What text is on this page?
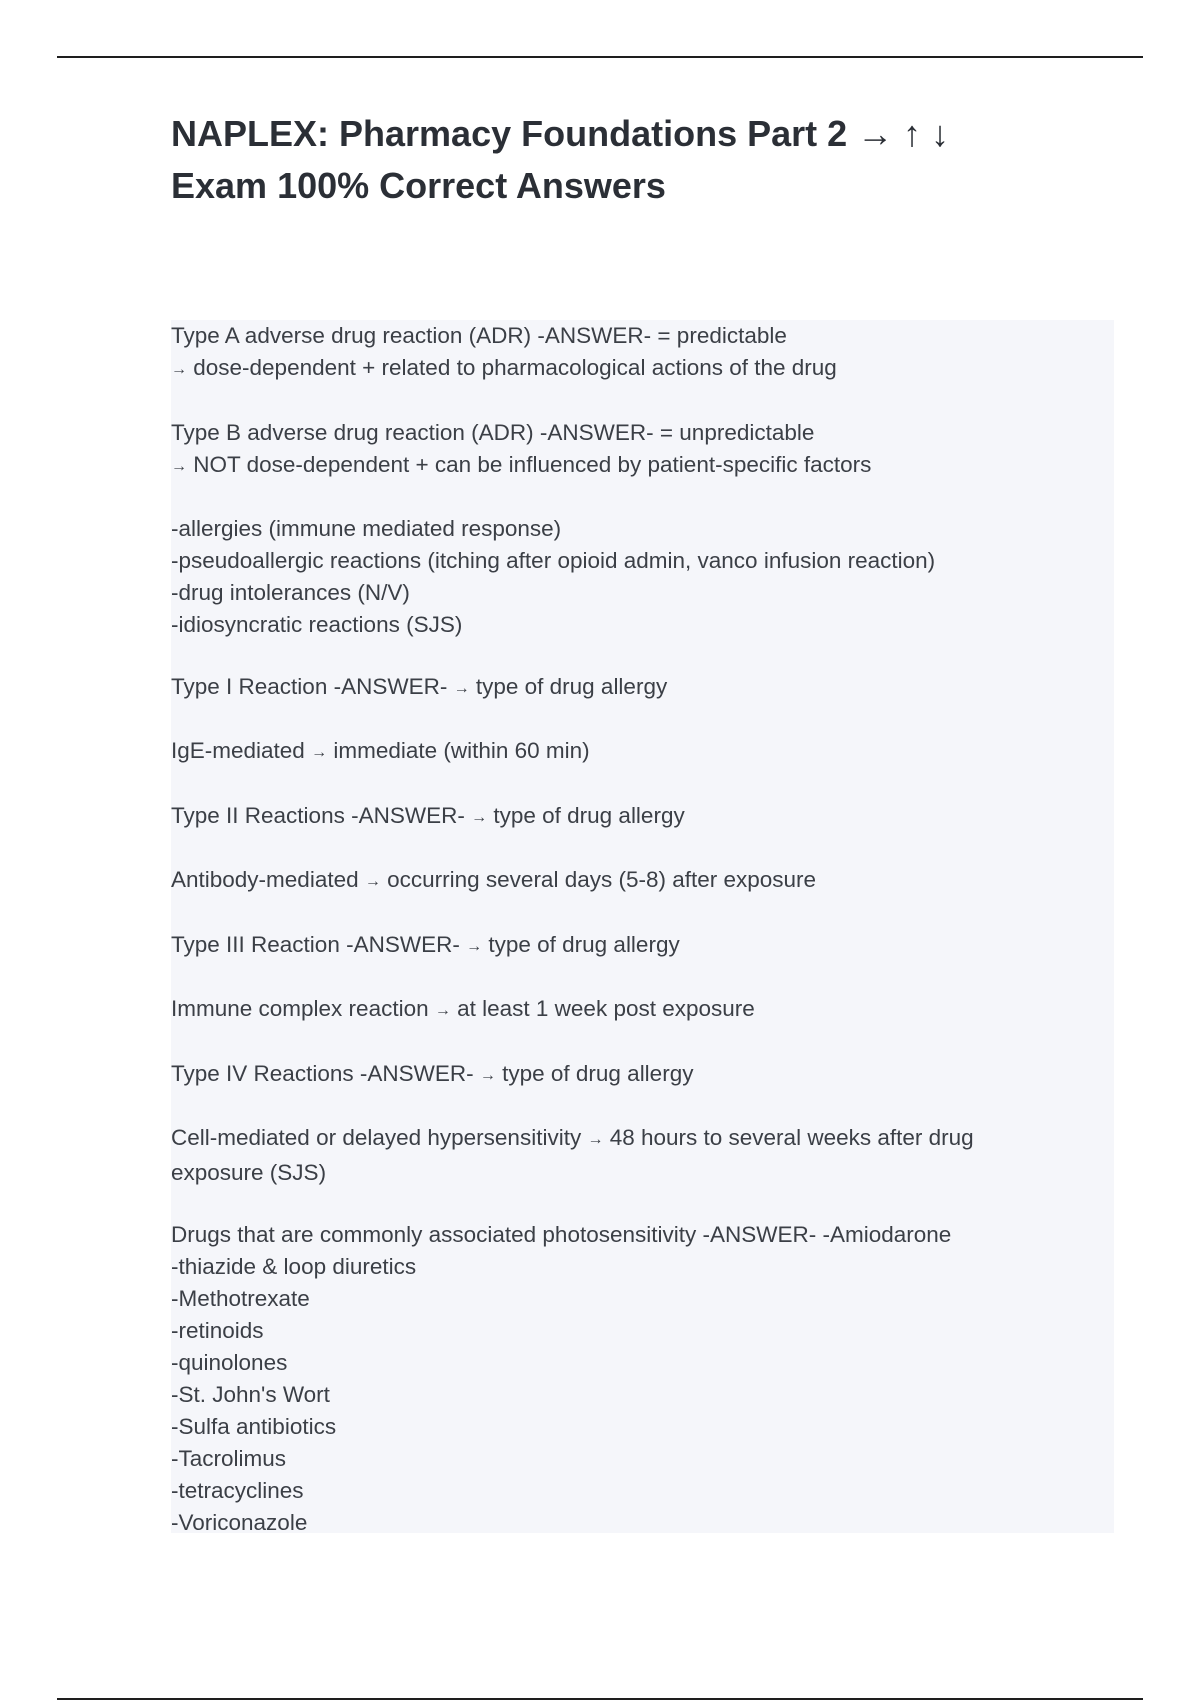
NAPLEX: Pharmacy Foundations Part 2 → ↑ ↓
Exam 100% Correct Answers

Type A adverse drug reaction (ADR) -ANSWER- = predictable
→ dose-dependent + related to pharmacological actions of the drug

Type B adverse drug reaction (ADR) -ANSWER- = unpredictable
→ NOT dose-dependent + can be influenced by patient-specific factors

-allergies (immune mediated response)
-pseudoallergic reactions (itching after opioid admin, vanco infusion reaction)
-drug intolerances (N/V)
-idiosyncratic reactions (SJS)

Type I Reaction -ANSWER- → type of drug allergy

IgE-mediated → immediate (within 60 min)

Type II Reactions -ANSWER- → type of drug allergy

Antibody-mediated → occurring several days (5-8) after exposure

Type III Reaction -ANSWER- → type of drug allergy

Immune complex reaction → at least 1 week post exposure

Type IV Reactions -ANSWER- → type of drug allergy

Cell-mediated or delayed hypersensitivity → 48 hours to several weeks after drug
exposure (SJS)

Drugs that are commonly associated photosensitivity -ANSWER- -Amiodarone
-thiazide & loop diuretics
-Methotrexate
-retinoids
-quinolones
-St. John's Wort
-Sulfa antibiotics
-Tacrolimus
-tetracyclines
-Voriconazole
